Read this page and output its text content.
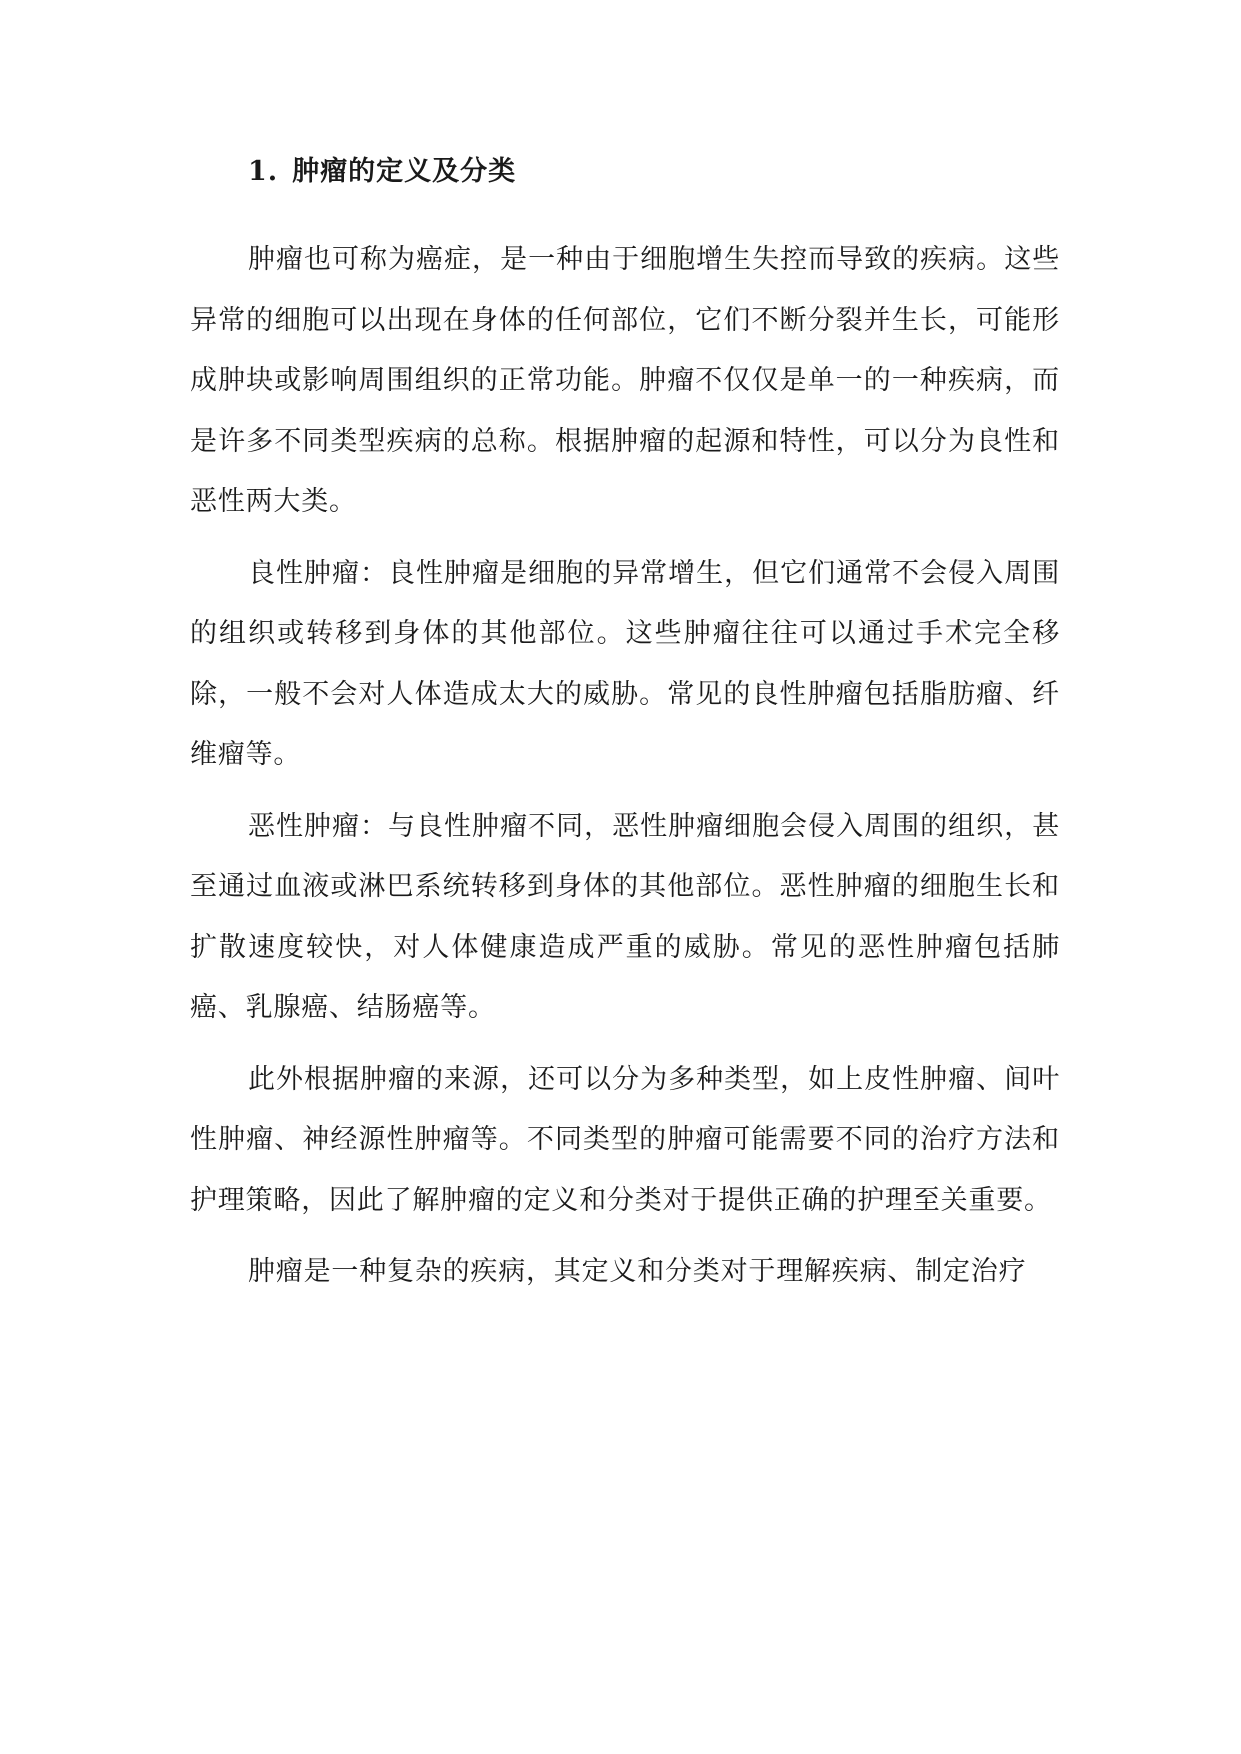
1. 肿瘤的定义及分类

肿瘤也可称为癌症，是一种由于细胞增生失控而导致的疾病。这些异常的细胞可以出现在身体的任何部位，它们不断分裂并生长，可能形成肿块或影响周围组织的正常功能。肿瘤不仅仅是单一的一种疾病，而是许多不同类型疾病的总称。根据肿瘤的起源和特性，可以分为良性和恶性两大类。

良性肿瘤：良性肿瘤是细胞的异常增生，但它们通常不会侵入周围的组织或转移到身体的其他部位。这些肿瘤往往可以通过手术完全移除，一般不会对人体造成太大的威胁。常见的良性肿瘤包括脂肪瘤、纤维瘤等。

恶性肿瘤：与良性肿瘤不同，恶性肿瘤细胞会侵入周围的组织，甚至通过血液或淋巴系统转移到身体的其他部位。恶性肿瘤的细胞生长和扩散速度较快，对人体健康造成严重的威胁。常见的恶性肿瘤包括肺癌、乳腺癌、结肠癌等。

此外根据肿瘤的来源，还可以分为多种类型，如上皮性肿瘤、间叶性肿瘤、神经源性肿瘤等。不同类型的肿瘤可能需要不同的治疗方法和护理策略，因此了解肿瘤的定义和分类对于提供正确的护理至关重要。

肿瘤是一种复杂的疾病，其定义和分类对于理解疾病、制定治疗
